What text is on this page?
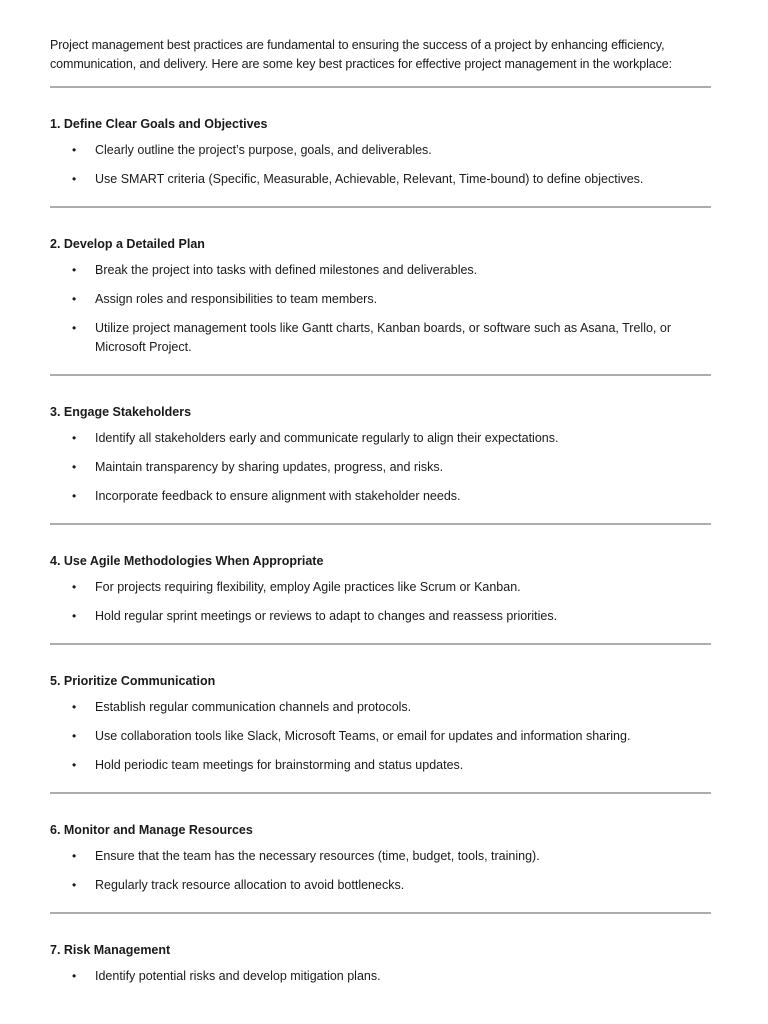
Project management best practices are fundamental to ensuring the success of a project by enhancing efficiency, communication, and delivery. Here are some key best practices for effective project management in the workplace:

1. Define Clear Goals and Objectives
• Clearly outline the project’s purpose, goals, and deliverables.
• Use SMART criteria (Specific, Measurable, Achievable, Relevant, Time-bound) to define objectives.
2. Develop a Detailed Plan
• Break the project into tasks with defined milestones and deliverables.
• Assign roles and responsibilities to team members.
• Utilize project management tools like Gantt charts, Kanban boards, or software such as Asana, Trello, or Microsoft Project.
3. Engage Stakeholders
• Identify all stakeholders early and communicate regularly to align their expectations.
• Maintain transparency by sharing updates, progress, and risks.
• Incorporate feedback to ensure alignment with stakeholder needs.
4. Use Agile Methodologies When Appropriate
• For projects requiring flexibility, employ Agile practices like Scrum or Kanban.
• Hold regular sprint meetings or reviews to adapt to changes and reassess priorities.
5. Prioritize Communication
• Establish regular communication channels and protocols.
• Use collaboration tools like Slack, Microsoft Teams, or email for updates and information sharing.
• Hold periodic team meetings for brainstorming and status updates.
6. Monitor and Manage Resources
• Ensure that the team has the necessary resources (time, budget, tools, training).
• Regularly track resource allocation to avoid bottlenecks.
7. Risk Management
• Identify potential risks and develop mitigation plans.
